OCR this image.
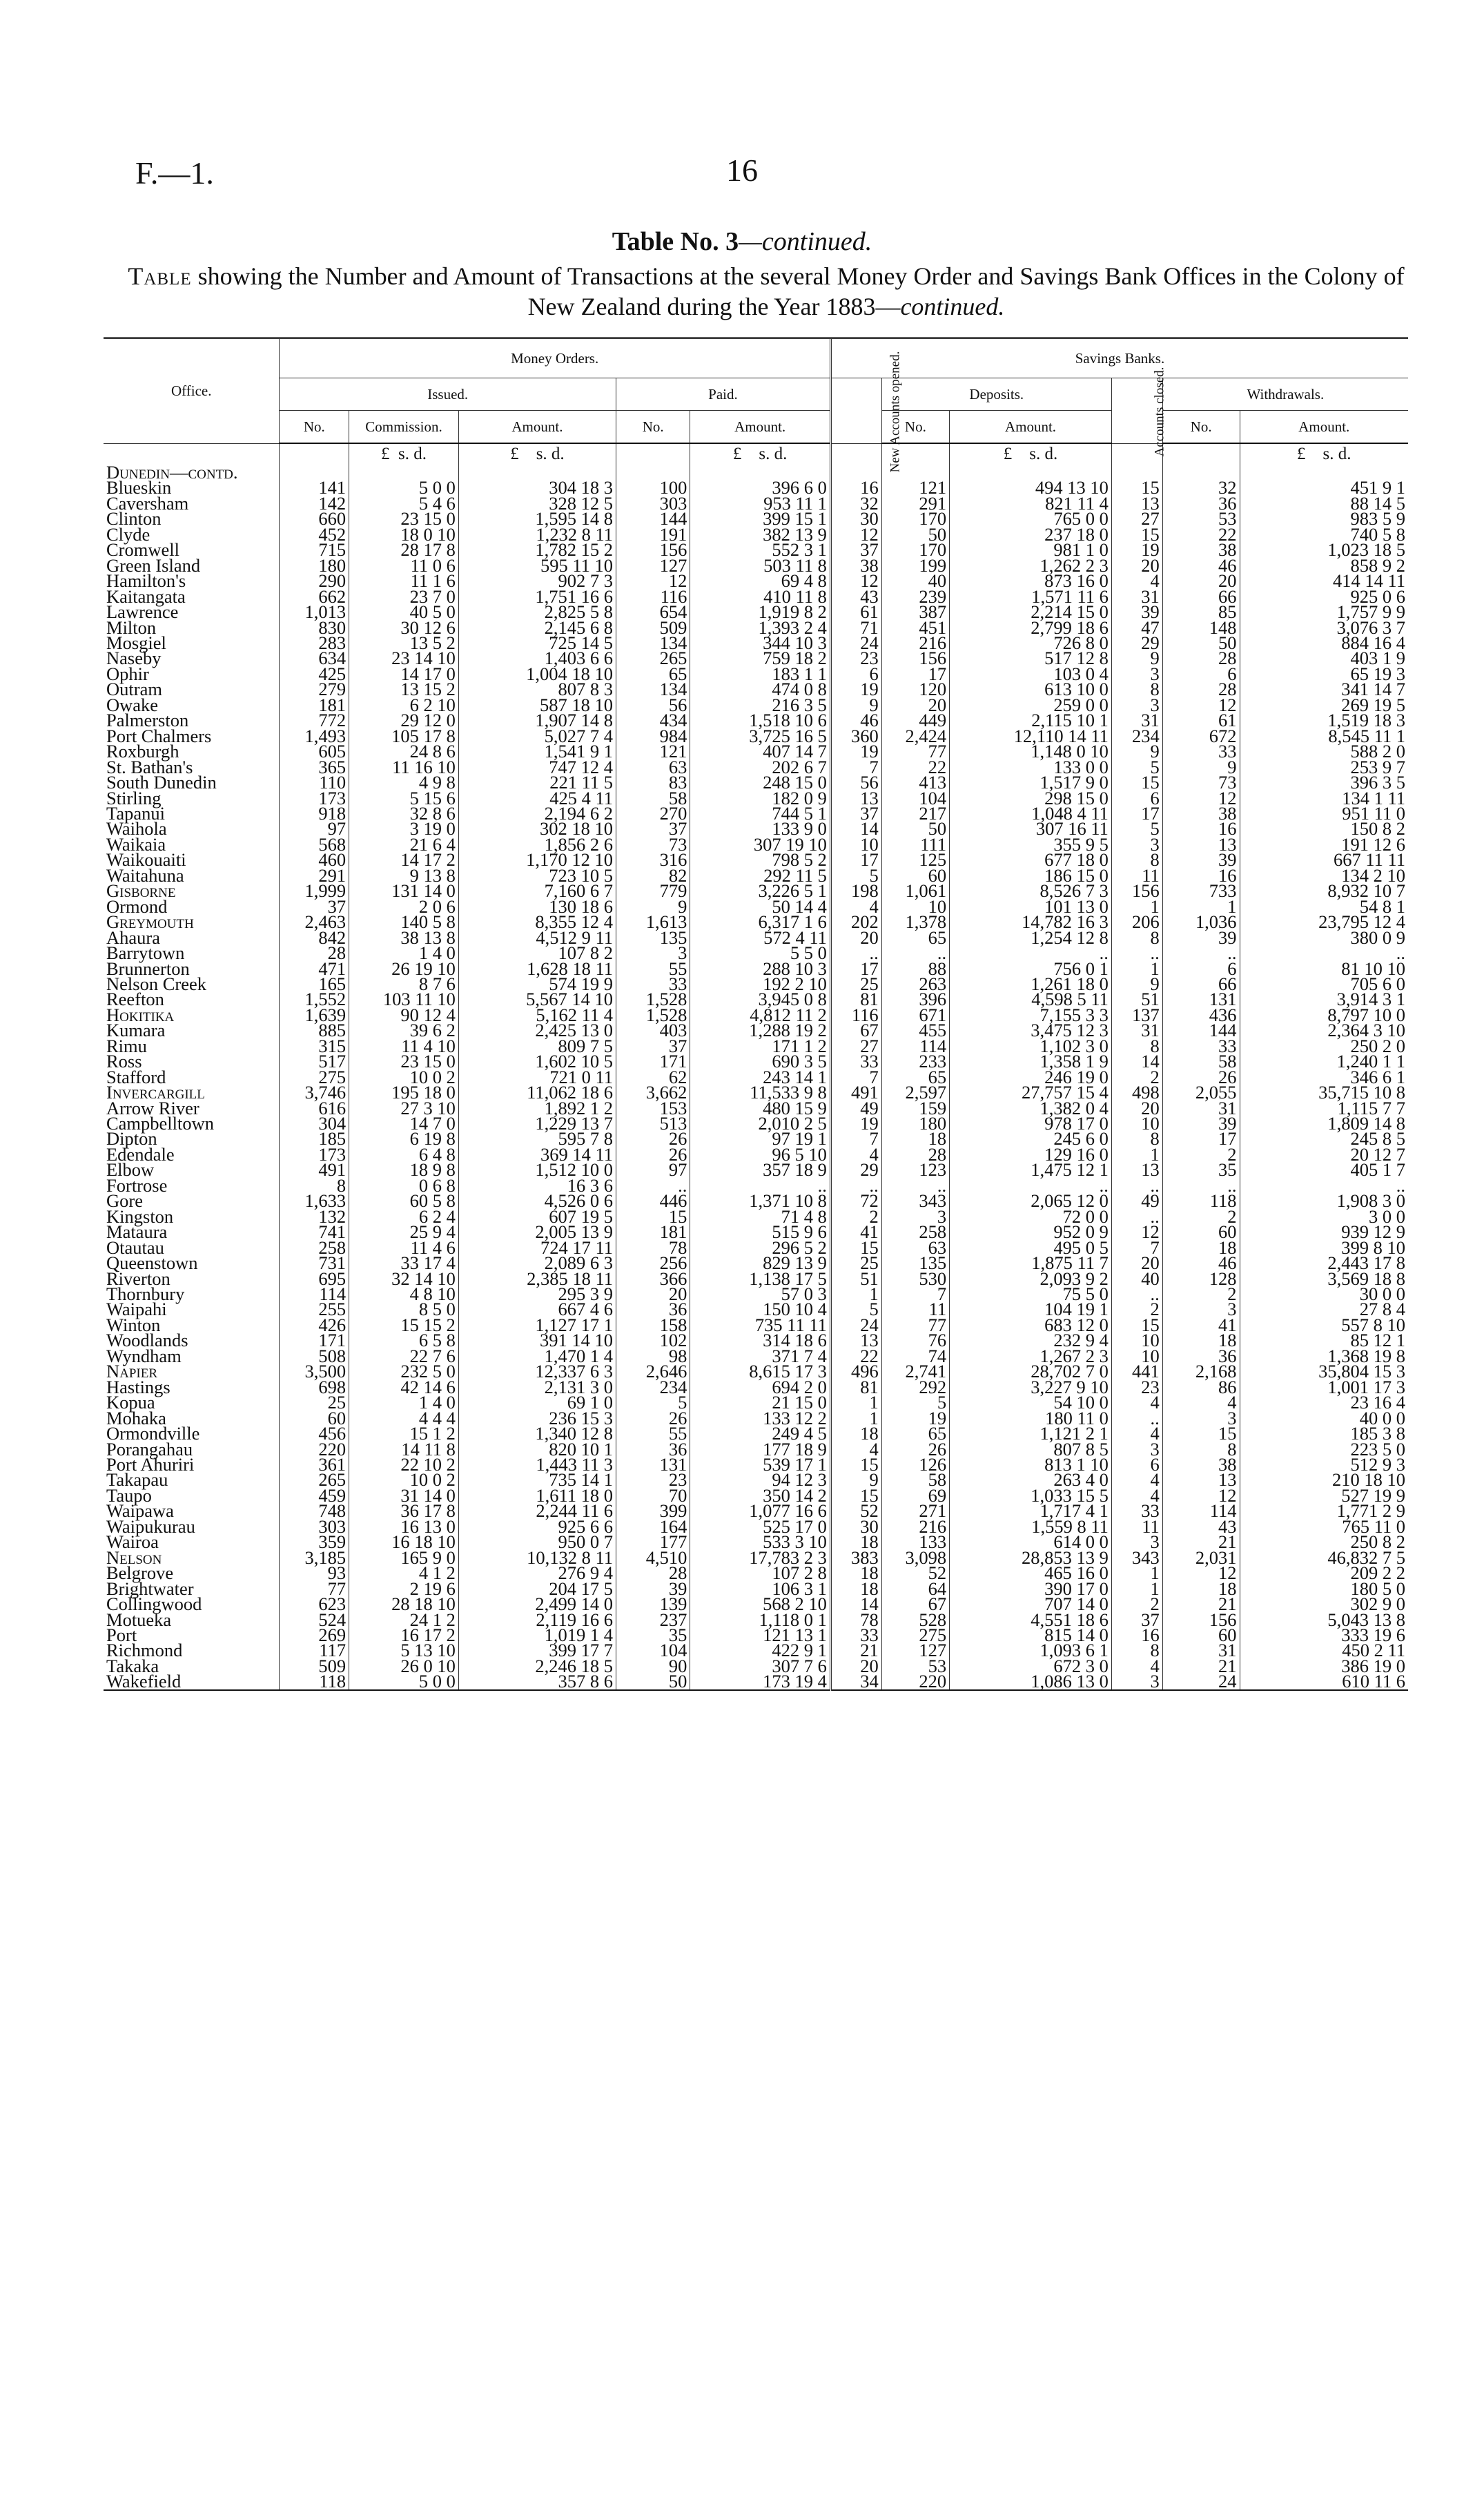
F.—1.	16
Table No. 3—continued.
Table showing the Number and Amount of Transactions at the several Money Order and Savings Bank Offices in the Colony of New Zealand during the Year 1883—continued.
Office.	Money Orders.					Savings Banks.					
	Issued.			Paid.		New Accounts opened.	Deposits.		Accounts closed.	Withdrawals.	
	No.	Commission.	Amount.	No.	Amount.		No.	Amount.		No.	Amount.
		£ s. d.	£ s. d.		£ s. d.			£ s. d.			£ s. d.
Dunedin—contd.											
Blueskin	141	5 0 0	304 18 3	100	396 6 0	16	121	494 13 10	15	32	451 9 1
Caversham	142	5 4 6	328 12 5	303	953 11 1	32	291	821 11 4	13	36	88 14 5
Clinton	660	23 15 0	1,595 14 8	144	399 15 1	30	170	765 0 0	27	53	983 5 9
Clyde	452	18 0 10	1,232 8 11	191	382 13 9	12	50	237 18 0	15	22	740 5 8
Cromwell	715	28 17 8	1,782 15 2	156	552 3 1	37	170	981 1 0	19	38	1,023 18 5
Green Island	180	11 0 6	595 11 10	127	503 11 8	38	199	1,262 2 3	20	46	858 9 2
Hamilton's	290	11 1 6	902 7 3	12	69 4 8	12	40	873 16 0	4	20	414 14 11
Kaitangata	662	23 7 0	1,751 16 6	116	410 11 8	43	239	1,571 11 6	31	66	925 0 6
Lawrence	1,013	40 5 0	2,825 5 8	654	1,919 8 2	61	387	2,214 15 0	39	85	1,757 9 9
Milton	830	30 12 6	2,145 6 8	509	1,393 2 4	71	451	2,799 18 6	47	148	3,076 3 7
Mosgiel	283	13 5 2	725 14 5	134	344 10 3	24	216	726 8 0	29	50	884 16 4
Naseby	634	23 14 10	1,403 6 6	265	759 18 2	23	156	517 12 8	9	28	403 1 9
Ophir	425	14 17 0	1,004 18 10	65	183 1 1	6	17	103 0 4	3	6	65 19 3
Outram	279	13 15 2	807 8 3	134	474 0 8	19	120	613 10 0	8	28	341 14 7
Owake	181	6 2 10	587 18 10	56	216 3 5	9	20	259 0 0	3	12	269 19 5
Palmerston	772	29 12 0	1,907 14 8	434	1,518 10 6	46	449	2,115 10 1	31	61	1,519 18 3
Port Chalmers	1,493	105 17 8	5,027 7 4	984	3,725 16 5	360	2,424	12,110 14 11	234	672	8,545 11 1
Roxburgh	605	24 8 6	1,541 9 1	121	407 14 7	19	77	1,148 0 10	9	33	588 2 0
St. Bathan's	365	11 16 10	747 12 4	63	202 6 7	7	22	133 0 0	5	9	253 9 7
South Dunedin	110	4 9 8	221 11 5	83	248 15 0	56	413	1,517 9 0	15	73	396 3 5
Stirling	173	5 15 6	425 4 11	58	182 0 9	13	104	298 15 0	6	12	134 1 11
Tapanui	918	32 8 6	2,194 6 2	270	744 5 1	37	217	1,048 4 11	17	38	951 11 0
Waihola	97	3 19 0	302 18 10	37	133 9 0	14	50	307 16 11	5	16	150 8 2
Waikaia	568	21 6 4	1,856 2 6	73	307 19 10	10	111	355 9 5	3	13	191 12 6
Waikouaiti	460	14 17 2	1,170 12 10	316	798 5 2	17	125	677 18 0	8	39	667 11 11
Waitahuna	291	9 13 8	723 10 5	82	292 11 5	5	60	186 15 0	11	16	134 2 10
Gisborne	1,999	131 14 0	7,160 6 7	779	3,226 5 1	198	1,061	8,526 7 3	156	733	8,932 10 7
Ormond	37	2 0 6	130 18 6	9	50 14 4	4	10	101 13 0	1	1	54 8 1
Greymouth	2,463	140 5 8	8,355 12 4	1,613	6,317 1 6	202	1,378	14,782 16 3	206	1,036	23,795 12 4
Ahaura	842	38 13 8	4,512 9 11	135	572 4 11	20	65	1,254 12 8	8	39	380 0 9
Barrytown	28	1 4 0	107 8 2	3	5 5 0	..	..	..	..	..	..
Brunnerton	471	26 19 10	1,628 18 11	55	288 10 3	17	88	756 0 1	1	6	81 10 10
Nelson Creek	165	8 7 6	574 19 9	33	192 2 10	25	263	1,261 18 0	9	66	705 6 0
Reefton	1,552	103 11 10	5,567 14 10	1,528	3,945 0 8	81	396	4,598 5 11	51	131	3,914 3 1
Hokitika	1,639	90 12 4	5,162 11 4	1,528	4,812 11 2	116	671	7,155 3 3	137	436	8,797 10 0
Kumara	885	39 6 2	2,425 13 0	403	1,288 19 2	67	455	3,475 12 3	31	144	2,364 3 10
Rimu	315	11 4 10	809 7 5	37	171 1 2	27	114	1,102 3 0	8	33	250 2 0
Ross	517	23 15 0	1,602 10 5	171	690 3 5	33	233	1,358 1 9	14	58	1,240 1 1
Stafford	275	10 0 2	721 0 11	62	243 14 1	7	65	246 19 0	2	26	346 6 1
Invercargill	3,746	195 18 0	11,062 18 6	3,662	11,533 9 8	491	2,597	27,757 15 4	498	2,055	35,715 10 8
Arrow River	616	27 3 10	1,892 1 2	153	480 15 9	49	159	1,382 0 4	20	31	1,115 7 7
Campbelltown	304	14 7 0	1,229 13 7	513	2,010 2 5	19	180	978 17 0	10	39	1,809 14 8
Dipton	185	6 19 8	595 7 8	26	97 19 1	7	18	245 6 0	8	17	245 8 5
Edendale	173	6 4 8	369 14 11	26	96 5 10	4	28	129 16 0	1	2	20 12 7
Elbow	491	18 9 8	1,512 10 0	97	357 18 9	29	123	1,475 12 1	13	35	405 1 7
Fortrose	8	0 6 8	16 3 6	..	..	..	..	..	..	..	..
Gore	1,633	60 5 8	4,526 0 6	446	1,371 10 8	72	343	2,065 12 0	49	118	1,908 3 0
Kingston	132	6 2 4	607 19 5	15	71 4 8	2	3	72 0 0	..	2	3 0 0
Mataura	741	25 9 4	2,005 13 9	181	515 9 6	41	258	952 0 9	12	60	939 12 9
Otautau	258	11 4 6	724 17 11	78	296 5 2	15	63	495 0 5	7	18	399 8 10
Queenstown	731	33 17 4	2,089 6 3	256	829 13 9	25	135	1,875 11 7	20	46	2,443 17 8
Riverton	695	32 14 10	2,385 18 11	366	1,138 17 5	51	530	2,093 9 2	40	128	3,569 18 8
Thornbury	114	4 8 10	295 3 9	20	57 0 3	1	7	75 5 0	..	2	30 0 0
Waipahi	255	8 5 0	667 4 6	36	150 10 4	5	11	104 19 1	2	3	27 8 4
Winton	426	15 15 2	1,127 17 1	158	735 11 11	24	77	683 12 0	15	41	557 8 10
Woodlands	171	6 5 8	391 14 10	102	314 18 6	13	76	232 9 4	10	18	85 12 1
Wyndham	508	22 7 6	1,470 1 4	98	371 7 4	22	74	1,267 2 3	10	36	1,368 19 8
Napier	3,500	232 5 0	12,337 6 3	2,646	8,615 17 3	496	2,741	28,702 7 0	441	2,168	35,804 15 3
Hastings	698	42 14 6	2,131 3 0	234	694 2 0	81	292	3,227 9 10	23	86	1,001 17 3
Kopua	25	1 4 0	69 1 0	5	21 15 0	1	5	54 10 0	4	4	23 16 4
Mohaka	60	4 4 4	236 15 3	26	133 12 2	1	19	180 11 0	..	3	40 0 0
Ormondville	456	15 1 2	1,340 12 8	55	249 4 5	18	65	1,121 2 1	4	15	185 3 8
Porangahau	220	14 11 8	820 10 1	36	177 18 9	4	26	807 8 5	3	8	223 5 0
Port Ahuriri	361	22 10 2	1,443 11 3	131	539 17 1	15	126	813 1 10	6	38	512 9 3
Takapau	265	10 0 2	735 14 1	23	94 12 3	9	58	263 4 0	4	13	210 18 10
Taupo	459	31 14 0	1,611 18 0	70	350 14 2	15	69	1,033 15 5	4	12	527 19 9
Waipawa	748	36 17 8	2,244 11 6	399	1,077 16 6	52	271	1,717 4 1	33	114	1,771 2 9
Waipukurau	303	16 13 0	925 6 6	164	525 17 0	30	216	1,559 8 11	11	43	765 11 0
Wairoa	359	16 18 10	950 0 7	177	533 3 10	18	133	614 0 0	3	21	250 8 2
Nelson	3,185	165 9 0	10,132 8 11	4,510	17,783 2 3	383	3,098	28,853 13 9	343	2,031	46,832 7 5
Belgrove	93	4 1 2	276 9 4	28	107 2 8	18	52	465 16 0	1	12	209 2 2
Brightwater	77	2 19 6	204 17 5	39	106 3 1	18	64	390 17 0	1	18	180 5 0
Collingwood	623	28 18 10	2,499 14 0	139	568 2 10	14	67	707 14 0	2	21	302 9 0
Motueka	524	24 1 2	2,119 16 6	237	1,118 0 1	78	528	4,551 18 6	37	156	5,043 13 8
Port	269	16 17 2	1,019 1 4	35	121 13 1	33	275	815 14 0	16	60	333 19 6
Richmond	117	5 13 10	399 17 7	104	422 9 1	21	127	1,093 6 1	8	31	450 2 11
Takaka	509	26 0 10	2,246 18 5	90	307 7 6	20	53	672 3 0	4	21	386 19 0
Wakefield	118	5 0 0	357 8 6	50	173 19 4	34	220	1,086 13 0	3	24	610 11 6
